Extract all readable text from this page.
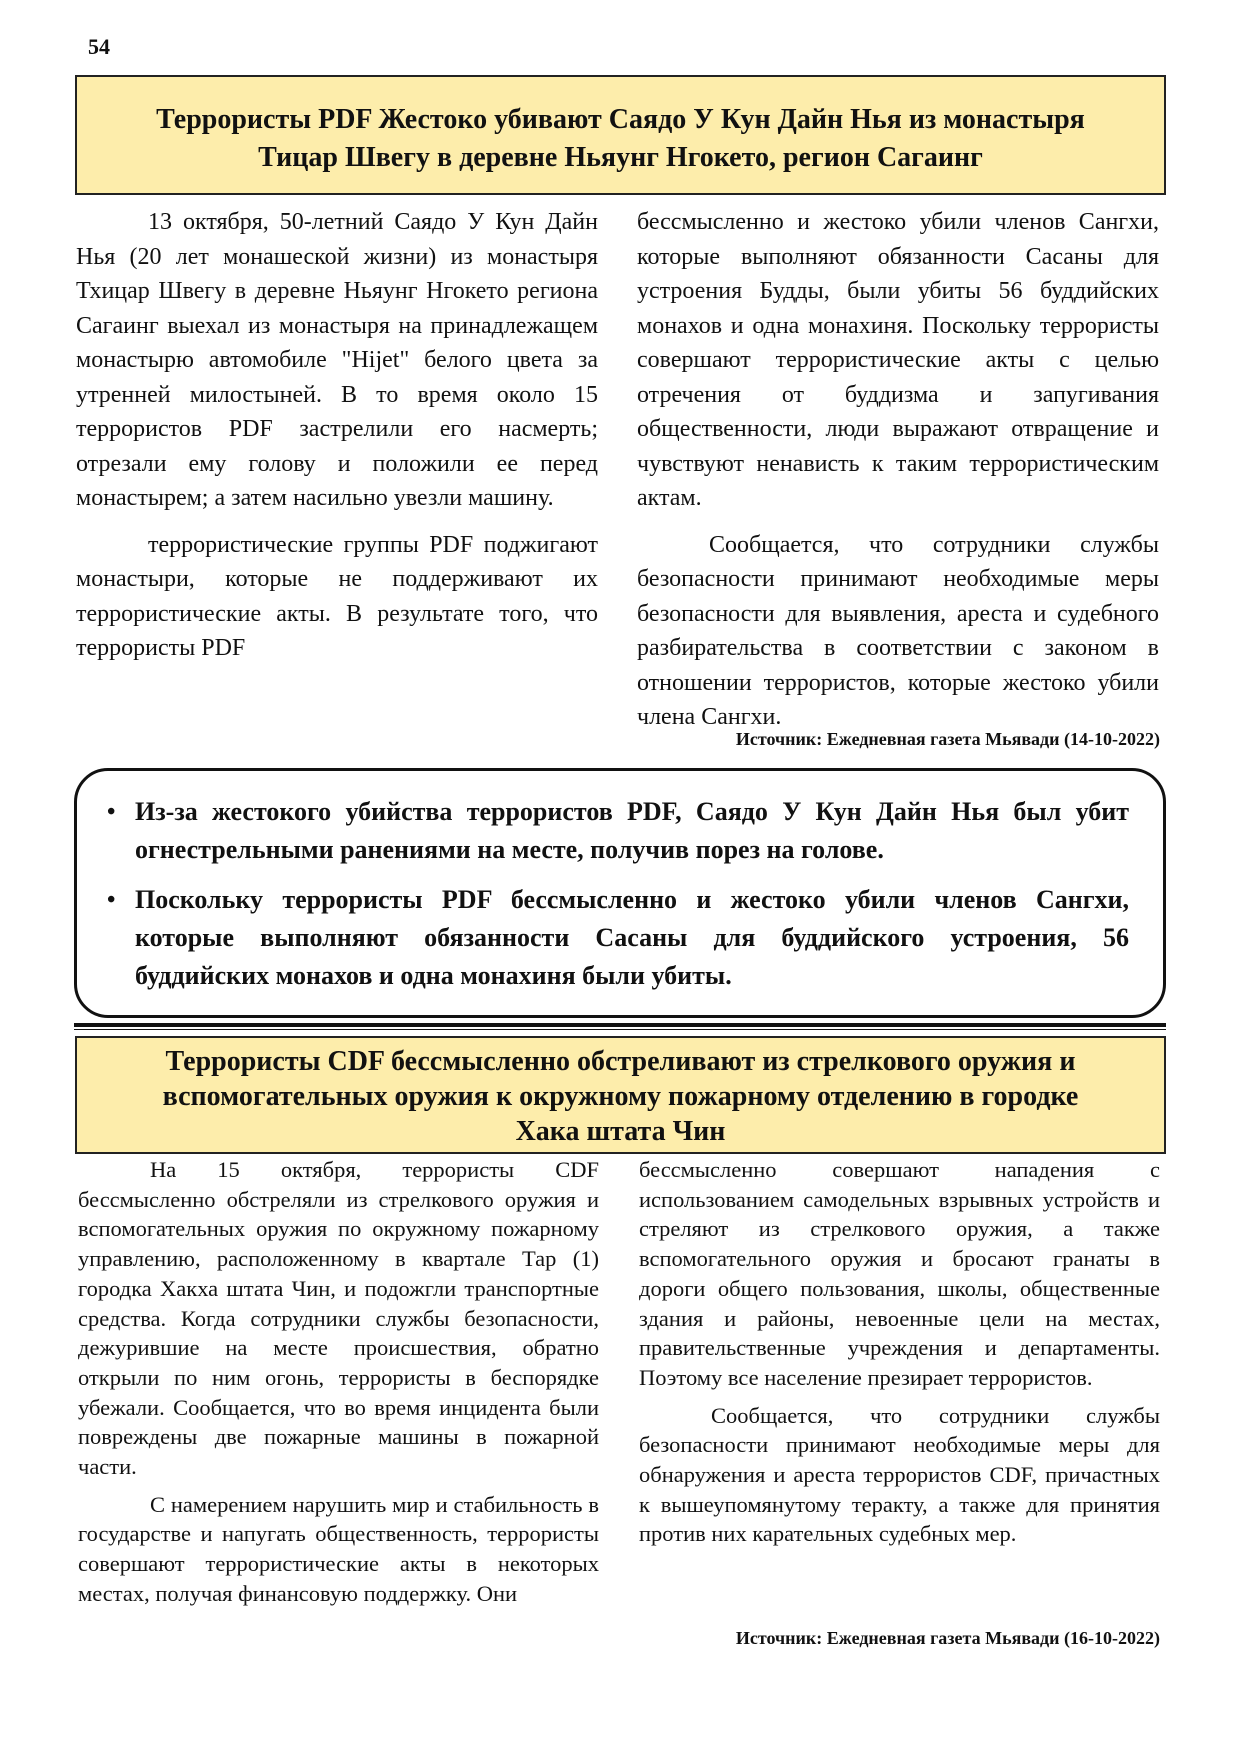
54
Террористы PDF Жестоко убивают Саядо У Кун Дайн Нья из монастыря
Тицар Швегу в деревне Ньяунг Нгокето, регион Сагаинг

13 октября, 50-летний Саядо У Кун Дайн Нья (20 лет монашеской жизни) из монастыря Тхицар Швегу в деревне Ньяунг Нгокето региона Сагаинг выехал из монастыря на принадлежащем монастырю автомобиле "Hijet" белого цвета за утренней милостыней. В то время около 15 террористов PDF застрелили его насмерть; отрезали ему голову и положили ее перед монастырем; а затем насильно увезли машину.

террористические группы PDF поджигают монастыри, которые не поддерживают их террористические акты. В результате того, что террористы PDF

бессмысленно и жестоко убили членов Сангхи, которые выполняют обязанности Сасаны для устроения Будды, были убиты 56 буддийских монахов и одна монахиня. Поскольку террористы совершают террористические акты с целью отречения от буддизма и запугивания общественности, люди выражают отвращение и чувствуют ненависть к таким террористическим актам.

Сообщается, что сотрудники службы безопасности принимают необходимые меры безопасности для выявления, ареста и судебного разбирательства в соответствии с законом в отношении террористов, которые жестоко убили члена Сангхи.

Источник: Ежедневная газета Мьявади (14-10-2022)
• Из-за жестокого убийства террористов PDF, Саядо У Кун Дайн Нья был убит огнестрельными ранениями на месте, получив порез на голове.
• Поскольку террористы PDF бессмысленно и жестоко убили членов Сангхи, которые выполняют обязанности Сасаны для буддийского устроения, 56 буддийских монахов и одна монахиня были убиты.
Террористы CDF бессмысленно обстреливают из стрелкового оружия и
вспомогательных оружия к окружному пожарному отделению в городке
Хака штата Чин

На 15 октября, террористы CDF бессмысленно обстреляли из стрелкового оружия и вспомогательных оружия по окружному пожарному управлению, расположенному в квартале Тар (1) городка Хакха штата Чин, и подожгли транспортные средства. Когда сотрудники службы безопасности, дежурившие на месте происшествия, обратно открыли по ним огонь, террористы в беспорядке убежали. Сообщается, что во время инцидента были повреждены две пожарные машины в пожарной части.

С намерением нарушить мир и стабильность в государстве и напугать общественность, террористы совершают террористические акты в некоторых местах, получая финансовую поддержку. Они

бессмысленно совершают нападения с использованием самодельных взрывных устройств и стреляют из стрелкового оружия, а также вспомогательного оружия и бросают гранаты в дороги общего пользования, школы, общественные здания и районы, невоенные цели на местах, правительственные учреждения и департаменты. Поэтому все население презирает террористов.

Сообщается, что сотрудники службы безопасности принимают необходимые меры для обнаружения и ареста террористов CDF, причастных к вышеупомянутому теракту, а также для принятия против них карательных судебных мер.

Источник: Ежедневная газета Мьявади (16-10-2022)
